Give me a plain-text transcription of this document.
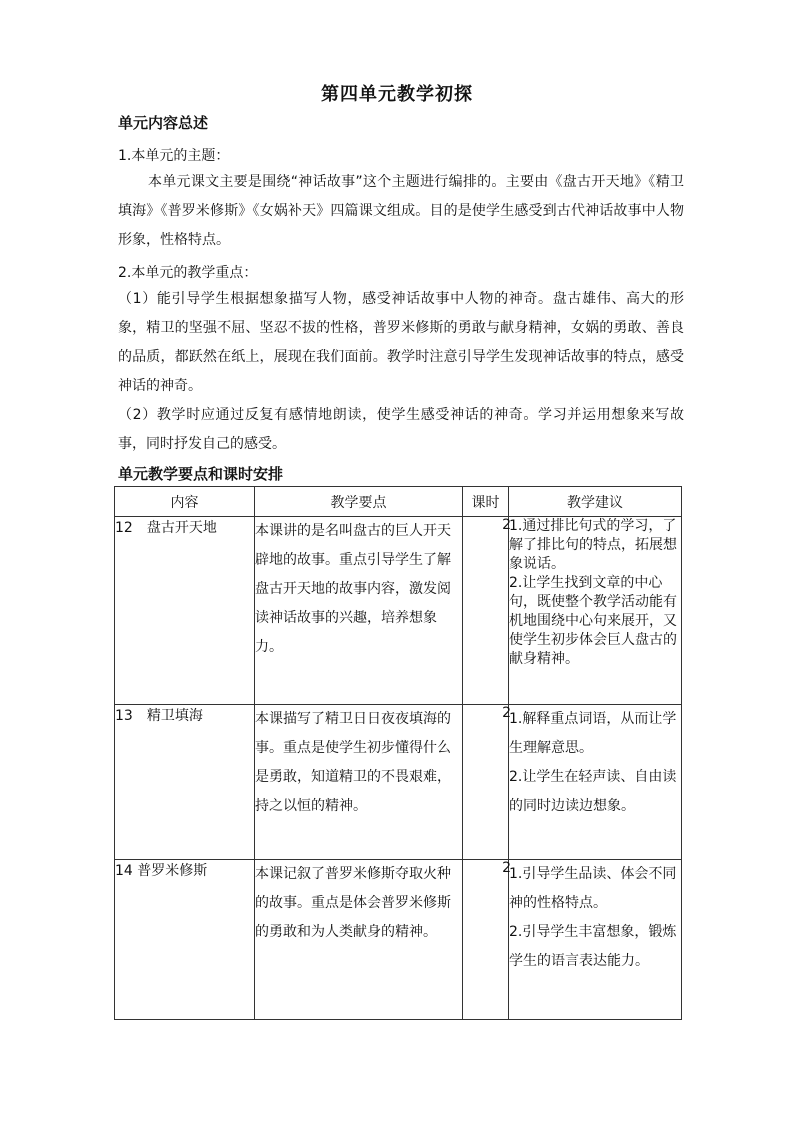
第四单元教学初探
单元内容总述
1.本单元的主题：

本单元课文主要是围绕“神话故事”这个主题进行编排的。主要由《盘古开天地》《精卫填海》《普罗米修斯》《女娲补天》四篇课文组成。目的是使学生感受到古代神话故事中人物形象，性格特点。

2.本单元的教学重点：

（1）能引导学生根据想象描写人物，感受神话故事中人物的神奇。盘古雄伟、高大的形象，精卫的坚强不屈、坚忍不拔的性格，普罗米修斯的勇敢与献身精神，女娲的勇敢、善良的品质，都跃然在纸上，展现在我们面前。教学时注意引导学生发现神话故事的特点，感受神话的神奇。

（2）教学时应通过反复有感情地朗读，使学生感受神话的神奇。学习并运用想象来写故事，同时抒发自己的感受。

单元教学要点和课时安排
内容	教学要点	课时	教学建议
12　盘古开天地	本课讲的是名叫盘古的巨人开天辟地的故事。重点引导学生了解盘古开天地的故事内容，激发阅读神话故事的兴趣，培养想象力。	2	1.通过排比句式的学习，了解了排比句的特点，拓展想象说话。

2.让学生找到文章的中心句，既使整个教学活动能有机地围绕中心句来展开，又使学生初步体会巨人盘古的献身精神。

13　精卫填海	本课描写了精卫日日夜夜填海的事。重点是使学生初步懂得什么是勇敢，知道精卫的不畏艰难，持之以恒的精神。	2	1.解释重点词语，从而让学生理解意思。

2.让学生在轻声读、自由读的同时边读边想象。

14 普罗米修斯	本课记叙了普罗米修斯夺取火种的故事。重点是体会普罗米修斯的勇敢和为人类献身的精神。	2	1.引导学生品读、体会不同神的性格特点。

2.引导学生丰富想象，锻炼学生的语言表达能力。
